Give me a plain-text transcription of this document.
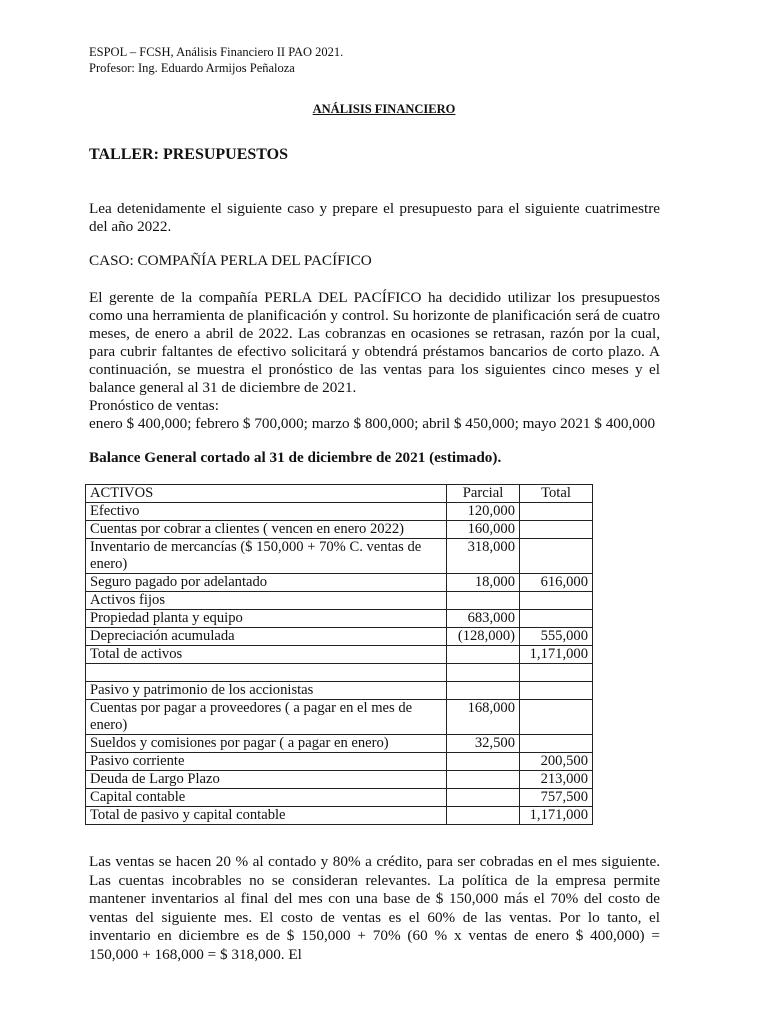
ESPOL – FCSH, Análisis Financiero II PAO 2021.
Profesor: Ing. Eduardo Armijos Peñaloza
ANÁLISIS FINANCIERO
TALLER: PRESUPUESTOS
Lea detenidamente el siguiente caso y prepare el presupuesto para el siguiente cuatrimestre del año 2022.
CASO: COMPAÑÍA PERLA DEL PACÍFICO
El gerente de la compañía PERLA DEL PACÍFICO ha decidido utilizar los presupuestos como una herramienta de planificación y control. Su horizonte de planificación será de cuatro meses, de enero a abril de 2022. Las cobranzas en ocasiones se retrasan, razón por la cual, para cubrir faltantes de efectivo solicitará y obtendrá préstamos bancarios de corto plazo. A continuación, se muestra el pronóstico de las ventas para los siguientes cinco meses y el balance general al 31 de diciembre de 2021.
Pronóstico de ventas:
enero $ 400,000; febrero $ 700,000; marzo $ 800,000; abril $ 450,000; mayo 2021 $ 400,000
Balance General cortado al 31 de diciembre de 2021 (estimado).
ACTIVOS	Parcial	Total
Efectivo	120,000	
Cuentas por cobrar a clientes ( vencen en enero 2022)	160,000	
Inventario de mercancías ($ 150,000 + 70% C. ventas de enero)	318,000	
Seguro pagado por adelantado	18,000	616,000
Activos fijos		
Propiedad planta y equipo	683,000	
Depreciación acumulada	(128,000)	555,000
Total de activos		1,171,000

Pasivo y patrimonio de los accionistas		
Cuentas por pagar a proveedores ( a pagar en el mes de enero)	168,000	
Sueldos y comisiones por pagar ( a pagar en enero)	32,500	
Pasivo corriente		200,500
Deuda de Largo Plazo		213,000
Capital contable		757,500
Total de pasivo y capital contable		1,171,000
Las ventas se hacen 20 % al contado y 80% a crédito, para ser cobradas en el mes siguiente. Las cuentas incobrables no se consideran relevantes. La política de la empresa permite mantener inventarios al final del mes con una base de $ 150,000 más el 70% del costo de ventas del siguiente mes. El costo de ventas es el 60% de las ventas. Por lo tanto, el inventario en diciembre es de $ 150,000 + 70% (60 % x ventas de enero $ 400,000) = 150,000 + 168,000 = $ 318,000. El
